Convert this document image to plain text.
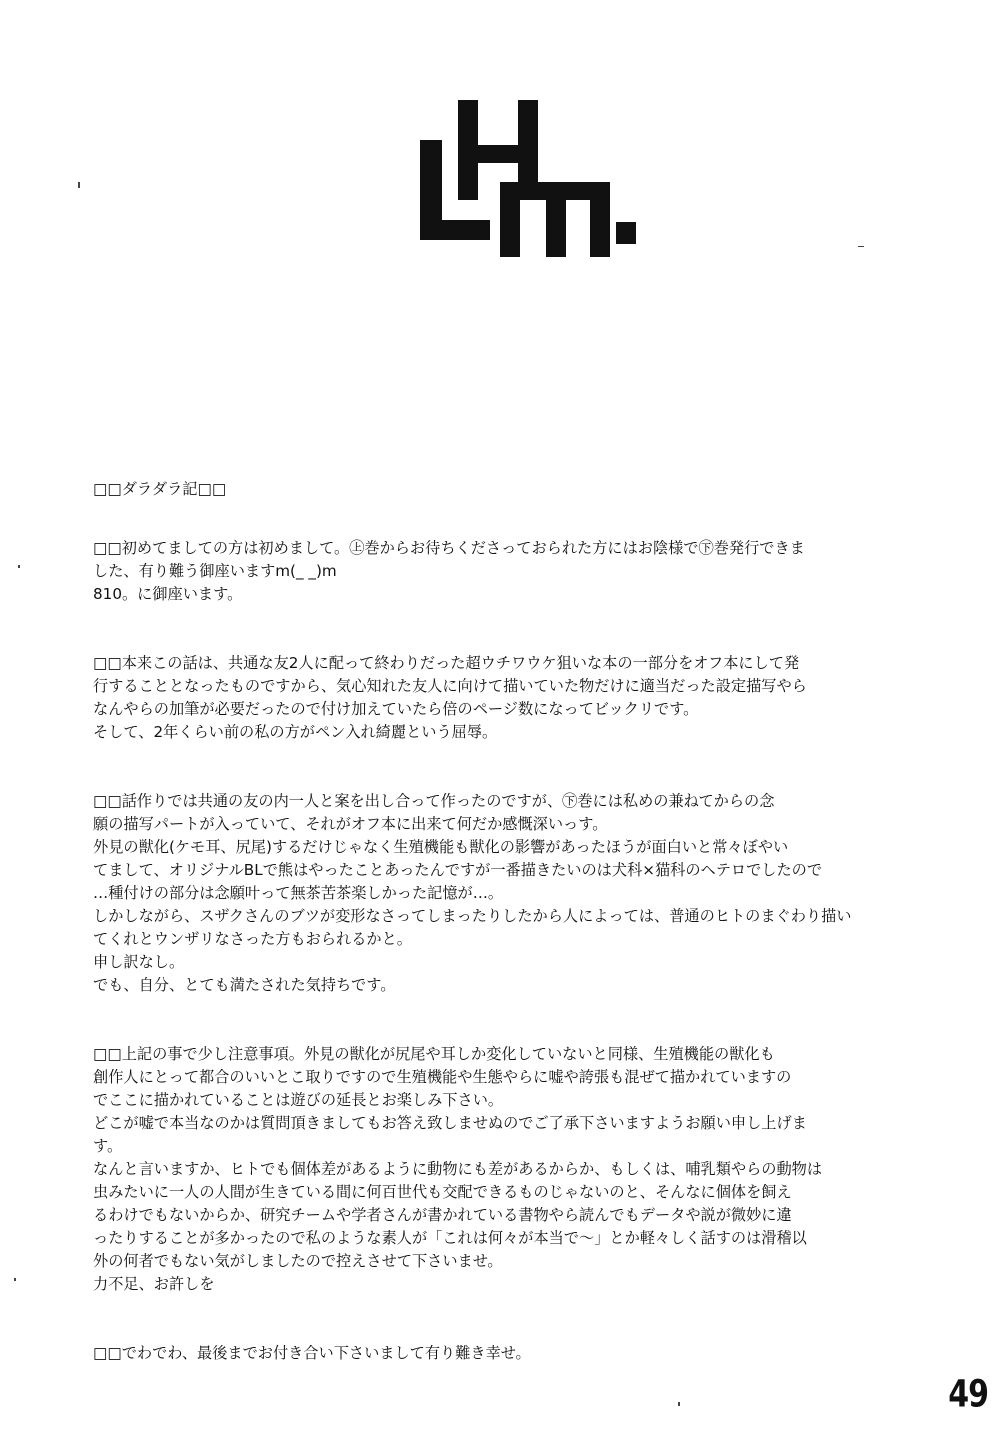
□□ダラダラ記□□
□□初めてましての方は初めまして。㊤巻からお待ちくださっておられた方にはお陰様で㊦巻発行できま
した、有り難う御座いますm(_ _)m
810。に御座います。
□□本来この話は、共通な友2人に配って終わりだった超ウチワウケ狙いな本の一部分をオフ本にして発
行することとなったものですから、気心知れた友人に向けて描いていた物だけに適当だった設定描写やら
なんやらの加筆が必要だったので付け加えていたら倍のページ数になってビックリです。
そして、2年くらい前の私の方がペン入れ綺麗という屈辱。
□□話作りでは共通の友の内一人と案を出し合って作ったのですが、㊦巻には私めの兼ねてからの念
願の描写パートが入っていて、それがオフ本に出来て何だか感慨深いっす。
外見の獣化(ケモ耳、尻尾)するだけじゃなく生殖機能も獣化の影響があったほうが面白いと常々ぼやい
てまして、オリジナルBLで熊はやったことあったんですが一番描きたいのは犬科×猫科のヘテロでしたので
…種付けの部分は念願叶って無茶苦茶楽しかった記憶が…。
しかしながら、スザクさんのブツが変形なさってしまったりしたから人によっては、普通のヒトのまぐわり描い
てくれとウンザリなさった方もおられるかと。
申し訳なし。
でも、自分、とても満たされた気持ちです。
□□上記の事で少し注意事項。外見の獣化が尻尾や耳しか変化していないと同様、生殖機能の獣化も
創作人にとって都合のいいとこ取りですので生殖機能や生態やらに嘘や誇張も混ぜて描かれていますの
でここに描かれていることは遊びの延長とお楽しみ下さい。
どこが嘘で本当なのかは質問頂きましてもお答え致しませぬのでご了承下さいますようお願い申し上げま
す。
なんと言いますか、ヒトでも個体差があるように動物にも差があるからか、もしくは、哺乳類やらの動物は
虫みたいに一人の人間が生きている間に何百世代も交配できるものじゃないのと、そんなに個体を飼え
るわけでもないからか、研究チームや学者さんが書かれている書物やら読んでもデータや説が微妙に違
ったりすることが多かったので私のような素人が「これは何々が本当で〜」とか軽々しく話すのは滑稽以
外の何者でもない気がしましたので控えさせて下さいませ。
力不足、お許しを
□□でわでわ、最後までお付き合い下さいまして有り難き幸せ。
49
